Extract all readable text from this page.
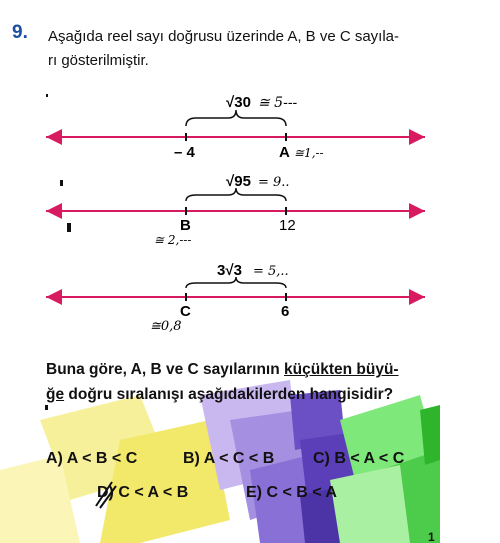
1
9. Aşağıda reel sayı doğrusu üzerinde A, B ve C sayıla-
rı gösterilmiştir.
– 4	A
√30 ≅ 5---
≅1,--
B	12
√95 = 9..
≅ 2,---
C	6
3√3 = 5,..
≅0,8
Buna göre, A, B ve C sayılarının küçükten büyü-
ğe doğru sıralanışı aşağıdakilerden hangisidir?
A) A < B < C	B) A < C < B C) B < A < C
D) C < A < B	E) C < B < A
